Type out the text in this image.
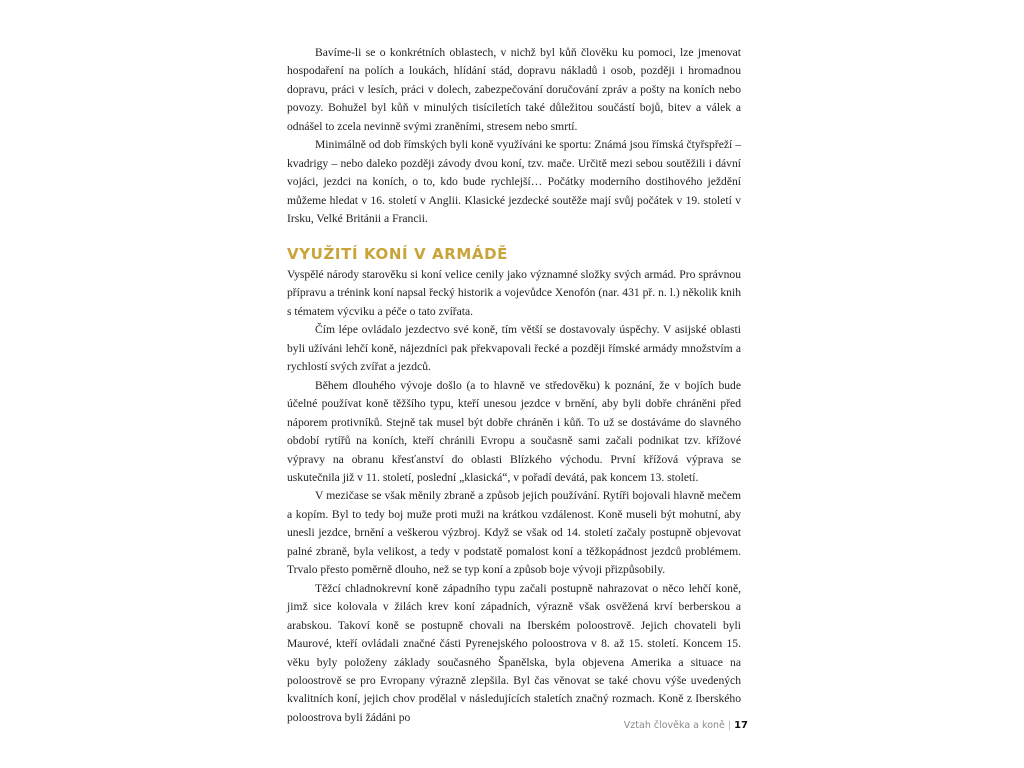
Bavíme-li se o konkrétních oblastech, v nichž byl kůň člověku ku pomoci, lze jmenovat hospodaření na polích a loukách, hlídání stád, dopravu nákladů i osob, později i hromadnou dopravu, práci v lesích, práci v dolech, zabezpečování doručování zpráv a pošty na koních nebo povozy. Bohužel byl kůň v minulých tisíciletích také důležitou součástí bojů, bitev a válek a odnášel to zcela nevinně svými zraněními, stresem nebo smrtí.

Minimálně od dob římských byli koně využíváni ke sportu: Známá jsou římská čtyřspřeží – kvadrigy – nebo daleko později závody dvou koní, tzv. mače. Určitě mezi sebou soutěžili i dávní vojáci, jezdci na koních, o to, kdo bude rychlejší… Počátky moderního dostihového ježdění můžeme hledat v 16. století v Anglii. Klasické jezdecké soutěže mají svůj počátek v 19. století v Irsku, Velké Británii a Francii.

VYUŽITÍ KONÍ V ARMÁDĚ

Vyspělé národy starověku si koní velice cenily jako významné složky svých armád. Pro správnou přípravu a trénink koní napsal řecký historik a vojevůdce Xenofón (nar. 431 př. n. l.) několik knih s tématem výcviku a péče o tato zvířata.

Čím lépe ovládalo jezdectvo své koně, tím větší se dostavovaly úspěchy. V asijské oblasti byli užíváni lehčí koně, nájezdníci pak překvapovali řecké a později římské armády množstvím a rychlostí svých zvířat a jezdců.

Během dlouhého vývoje došlo (a to hlavně ve středověku) k poznání, že v bojích bude účelné používat koně těžšího typu, kteří unesou jezdce v brnění, aby byli dobře chráněni před náporem protivníků. Stejně tak musel být dobře chráněn i kůň. To už se dostáváme do slavného období rytířů na koních, kteří chránili Evropu a současně sami začali podnikat tzv. křížové výpravy na obranu křesťanství do oblasti Blízkého východu. První křížová výprava se uskutečnila již v 11. století, poslední „klasická“, v pořadí devátá, pak koncem 13. století.

V mezičase se však měnily zbraně a způsob jejich používání. Rytíři bojovali hlavně mečem a kopím. Byl to tedy boj muže proti muži na krátkou vzdálenost. Koně museli být mohutní, aby unesli jezdce, brnění a veškerou výzbroj. Když se však od 14. století začaly postupně objevovat palné zbraně, byla velikost, a tedy v podstatě pomalost koní a těžkopádnost jezdců problémem. Trvalo přesto poměrně dlouho, než se typ koní a způsob boje vývoji přizpůsobily.

Těžcí chladnokrevní koně západního typu začali postupně nahrazovat o něco lehčí koně, jimž sice kolovala v žilách krev koní západních, výrazně však osvěžená krví berberskou a arabskou. Takoví koně se postupně chovali na Iberském poloostrově. Jejich chovateli byli Maurové, kteří ovládali značné části Pyrenejského poloostrova v 8. až 15. století. Koncem 15. věku byly položeny základy současného Španělska, byla objevena Amerika a situace na poloostrově se pro Evropany výrazně zlepšila. Byl čas věnovat se také chovu výše uvedených kvalitních koní, jejich chov prodělal v následujících staletích značný rozmach. Koně z Iberského poloostrova byli žádáni po

Vztah člověka a koně | 17
